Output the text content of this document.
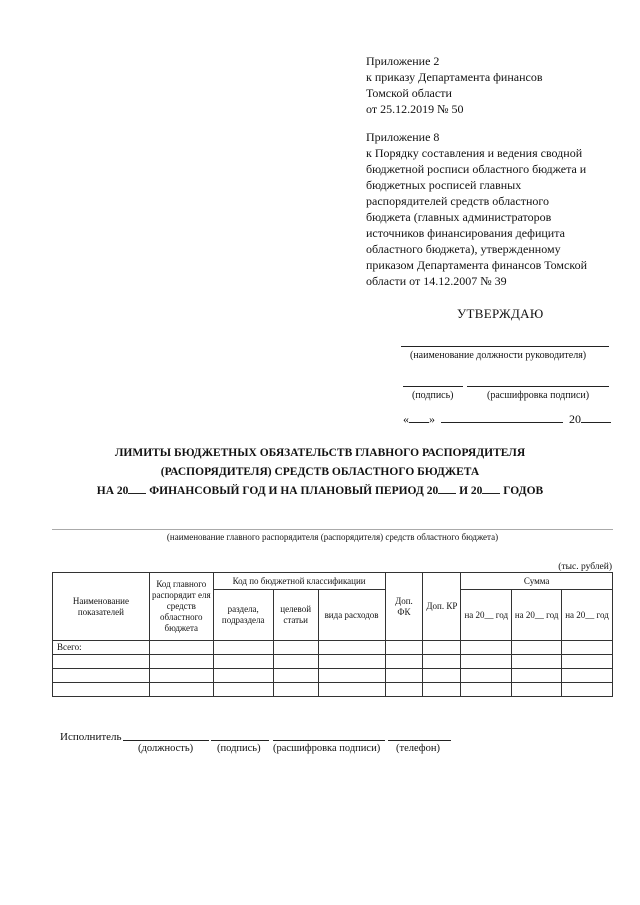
Приложение 2
к приказу Департамента финансов
Томской области
от 25.12.2019 № 50
Приложение 8
к Порядку составления и ведения сводной
бюджетной росписи областного бюджета и
бюджетных росписей главных
распорядителей средств областного
бюджета (главных администраторов
источников финансирования дефицита
областного бюджета), утвержденному
приказом Департамента финансов Томской
области от 14.12.2007 № 39
УТВЕРЖДАЮ
(наименование должности руководителя)
(подпись)	(расшифровка подписи)
« »	20
ЛИМИТЫ БЮДЖЕТНЫХ ОБЯЗАТЕЛЬСТВ ГЛАВНОГО РАСПОРЯДИТЕЛЯ
(РАСПОРЯДИТЕЛЯ) СРЕДСТВ ОБЛАСТНОГО БЮДЖЕТА
НА 20 ФИНАНСОВЫЙ ГОД И НА ПЛАНОВЫЙ ПЕРИОД 20 И 20 ГОДОВ
(наименование главного распорядителя (распорядителя) средств областного бюджета)
(тыс. рублей)
Наименование показателей	Код главного распорядит еля средств областного бюджета	Код по бюджетной классификации			Доп. ФК	Доп. КР	Сумма		
		раздела, подраздела	целевой статьи	вида расходов			на 20__ год	на 20__ год	на 20__ год
Всего:									

Исполнитель
(должность) (подпись) (расшифровка подписи) (телефон)
